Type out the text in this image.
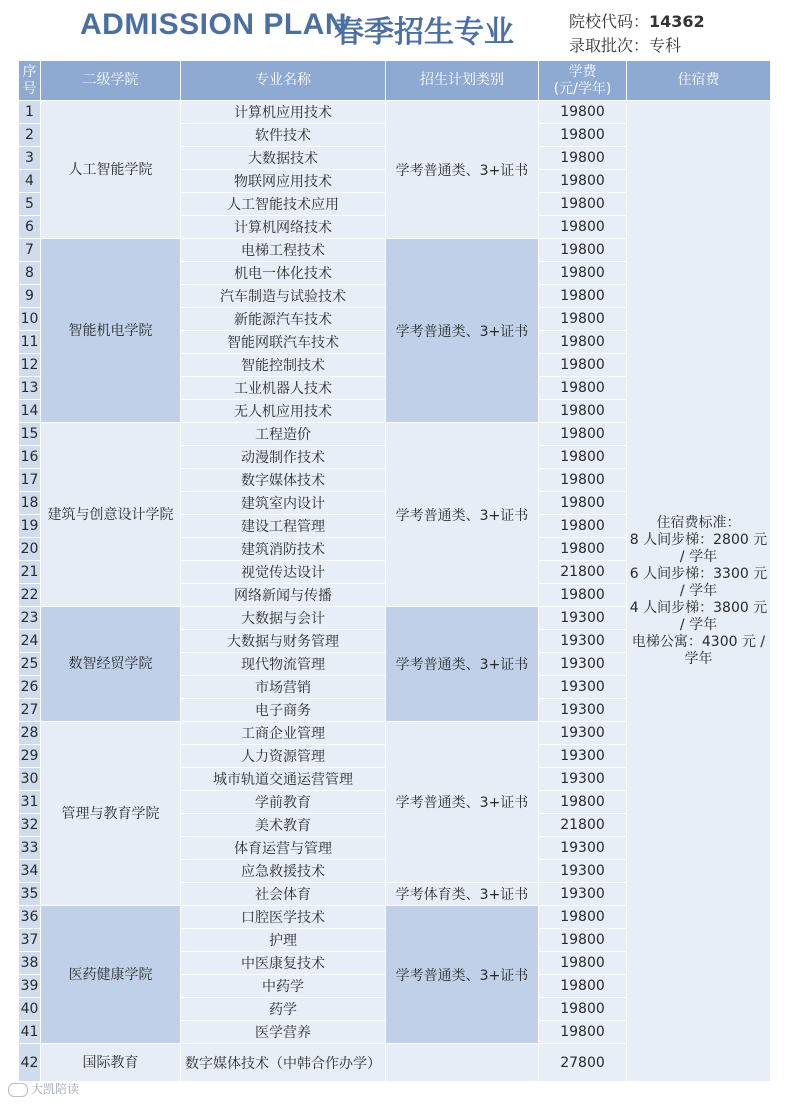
ADMISSION PLAN
春季招生专业	院校代码：14362
录取批次：专科
序号	二级学院	专业名称	招生计划类别	学费
(元/学年)	住宿费
1	人工智能学院	计算机应用技术	学考普通类、3+证书	19800	住宿费标准：
8 人间步梯：2800 元 / 学年
6 人间步梯：3300 元 / 学年
4 人间步梯：3800 元 / 学年
电梯公寓：4300 元 / 学年
2		软件技术		19800	
3		大数据技术		19800	
4		物联网应用技术		19800	
5		人工智能技术应用		19800	
6		计算机网络技术		19800	
7	智能机电学院	电梯工程技术	学考普通类、3+证书	19800	
8		机电一体化技术		19800	
9		汽车制造与试验技术		19800	
10		新能源汽车技术		19800	
11		智能网联汽车技术		19800	
12		智能控制技术		19800	
13		工业机器人技术		19800	
14		无人机应用技术		19800	
15	建筑与创意设计学院	工程造价	学考普通类、3+证书	19800	
16		动漫制作技术		19800	
17		数字媒体技术		19800	
18		建筑室内设计		19800	
19		建设工程管理		19800	
20		建筑消防技术		19800	
21		视觉传达设计		21800	
22		网络新闻与传播		19800	
23	数智经贸学院	大数据与会计	学考普通类、3+证书	19300	
24		大数据与财务管理		19300	
25		现代物流管理		19300	
26		市场营销		19300	
27		电子商务		19300	
28	管理与教育学院	工商企业管理	学考普通类、3+证书	19300	
29		人力资源管理		19300	
30		城市轨道交通运营管理		19300	
31		学前教育		19800	
32		美术教育		21800	
33		体育运营与管理		19300	
34		应急救援技术		19300	
35		社会体育	学考体育类、3+证书	19300	
36	医药健康学院	口腔医学技术	学考普通类、3+证书	19800	
37		护理		19800	
38		中医康复技术		19800	
39		中药学		19800	
40		药学		19800	
41		医学营养		19800	
42	国际教育	数字媒体技术（中韩合作办学）		27800	
大凯陪读
